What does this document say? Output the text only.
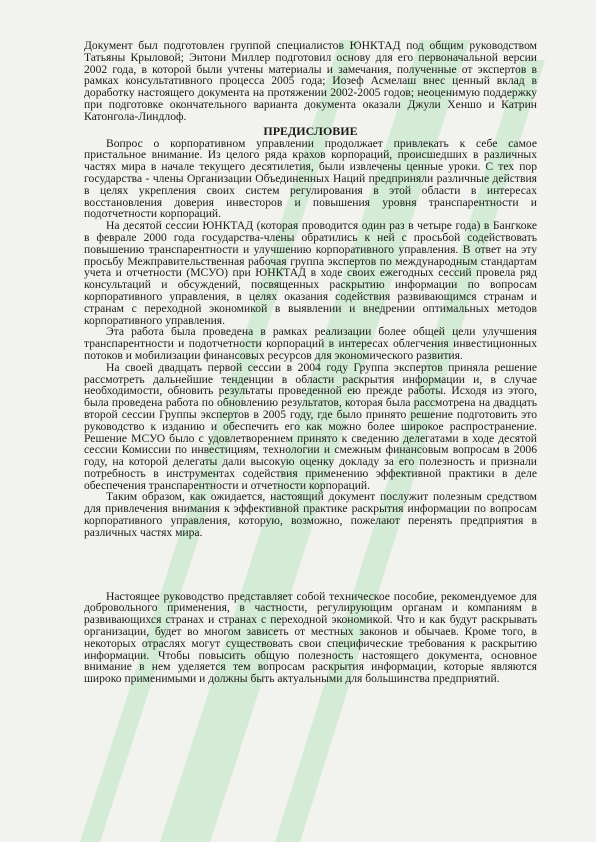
Документ был подготовлен группой специалистов ЮНКТАД под общим руководством Татьяны Крыловой; Энтони Миллер подготовил основу для его первоначальной версии 2002 года, в которой были учтены материалы и замечания, полученные от экспертов в рамках консультативного процесса 2005 года; Иозеф Асмелаш внес ценный вклад в доработку настоящего документа на протяжении 2002-2005 годов; неоценимую поддержку при подготовке окончательного варианта документа оказали Джули Хеншо и Катрин Катонгола-Линдлоф.

ПРЕДИСЛОВИЕ

Вопрос о корпоративном управлении продолжает привлекать к себе самое пристальное внимание. Из целого ряда крахов корпораций, происшедших в различных частях мира в начале текущего десятилетия, были извлечены ценные уроки. С тех пор государства - члены Организации Объединенных Наций предприняли различные действия в целях укрепления своих систем регулирования в этой области в интересах восстановления доверия инвесторов и повышения уровня транспарентности и подотчетности корпораций.

На десятой сессии ЮНКТАД (которая проводится один раз в четыре года) в Бангкоке в феврале 2000 года государства-члены обратились к ней с просьбой содействовать повышению транспарентности и улучшению корпоративного управления. В ответ на эту просьбу Межправительственная рабочая группа экспертов по международным стандартам учета и отчетности (МСУО) при ЮНКТАД в ходе своих ежегодных сессий провела ряд консультаций и обсуждений, посвященных раскрытию информации по вопросам корпоративного управления, в целях оказания содействия развивающимся странам и странам с переходной экономикой в выявлении и внедрении оптимальных методов корпоративного управления.

Эта работа была проведена в рамках реализации более общей цели улучшения транспарентности и подотчетности корпораций в интересах облегчения инвестиционных потоков и мобилизации финансовых ресурсов для экономического развития.

На своей двадцать первой сессии в 2004 году Группа экспертов приняла решение рассмотреть дальнейшие тенденции в области раскрытия информации и, в случае необходимости, обновить результаты проведенной ею прежде работы. Исходя из этого, была проведена работа по обновлению результатов, которая была рассмотрена на двадцать второй сессии Группы экспертов в 2005 году, где было принято решение подготовить это руководство к изданию и обеспечить его как можно более широкое распространение. Решение МСУО было с удовлетворением принято к сведению делегатами в ходе десятой сессии Комиссии по инвестициям, технологии и смежным финансовым вопросам в 2006 году, на которой делегаты дали высокую оценку докладу за его полезность и признали потребность в инструментах содействия применению эффективной практики в деле обеспечения транспарентности и отчетности корпораций.

Таким образом, как ожидается, настоящий документ послужит полезным средством для привлечения внимания к эффективной практике раскрытия информации по вопросам корпоративного управления, которую, возможно, пожелают перенять предприятия в различных частях мира.

Настоящее руководство представляет собой техническое пособие, рекомендуемое для добровольного применения, в частности, регулирующим органам и компаниям в развивающихся странах и странах с переходной экономикой. Что и как будут раскрывать организации, будет во многом зависеть от местных законов и обычаев. Кроме того, в некоторых отраслях могут существовать свои специфические требования к раскрытию информации. Чтобы повысить общую полезность настоящего документа, основное внимание в нем уделяется тем вопросам раскрытия информации, которые являются широко применимыми и должны быть актуальными для большинства предприятий.
